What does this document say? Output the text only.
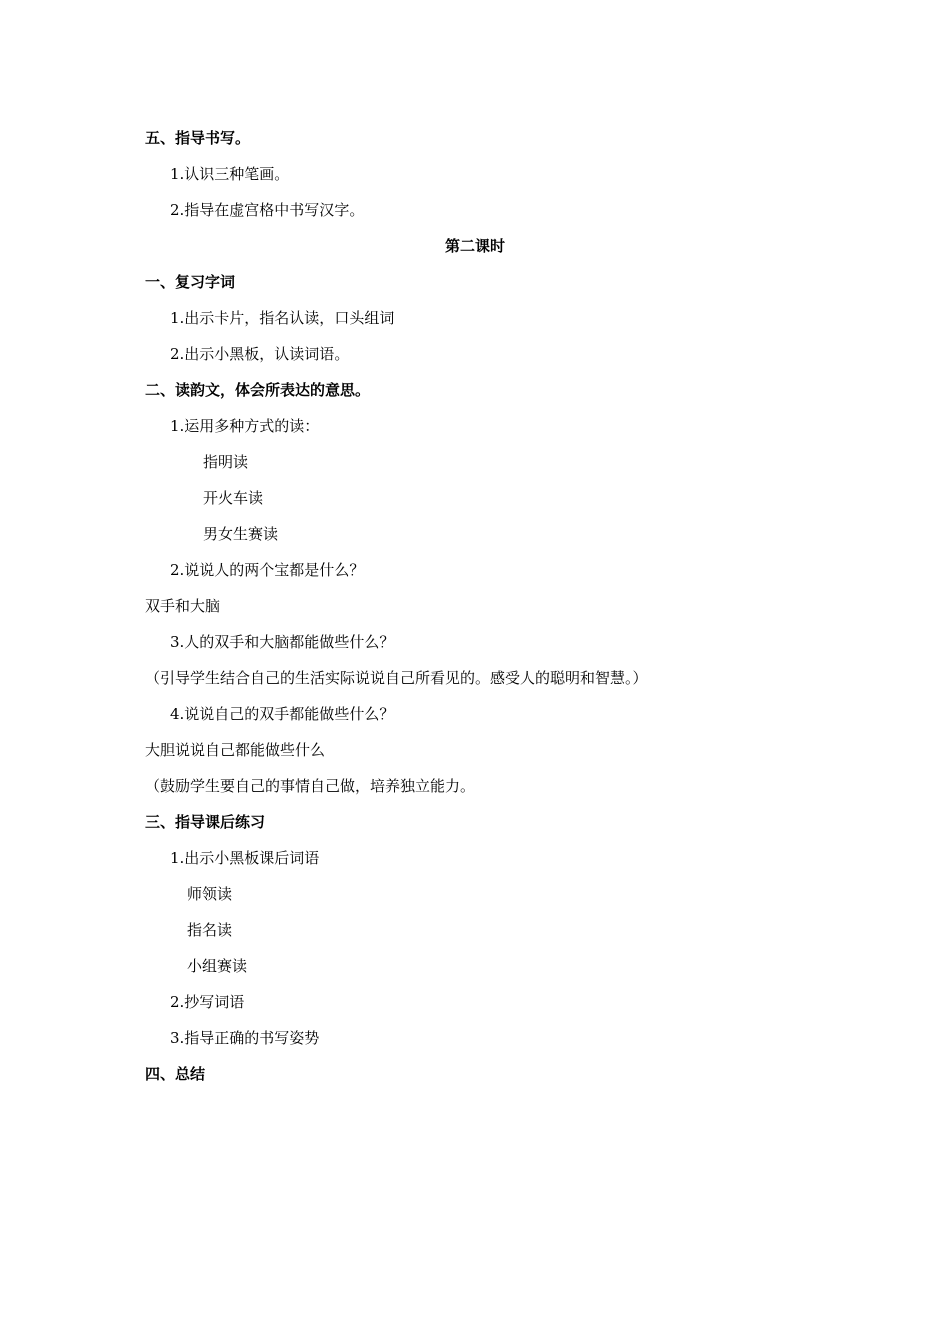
五、指导书写。
1.认识三种笔画。
2.指导在虚宫格中书写汉字。
第二课时
一、复习字词
1.出示卡片，指名认读，口头组词
2.出示小黑板，认读词语。
二、读韵文，体会所表达的意思。
1.运用多种方式的读：
指明读
开火车读
男女生赛读
2.说说人的两个宝都是什么？
双手和大脑
3.人的双手和大脑都能做些什么？
（引导学生结合自己的生活实际说说自己所看见的。感受人的聪明和智慧。）
4.说说自己的双手都能做些什么？
大胆说说自己都能做些什么
（鼓励学生要自己的事情自己做，培养独立能力。
三、指导课后练习
1.出示小黑板课后词语
师领读
指名读
小组赛读
2.抄写词语
3.指导正确的书写姿势
四、总结
